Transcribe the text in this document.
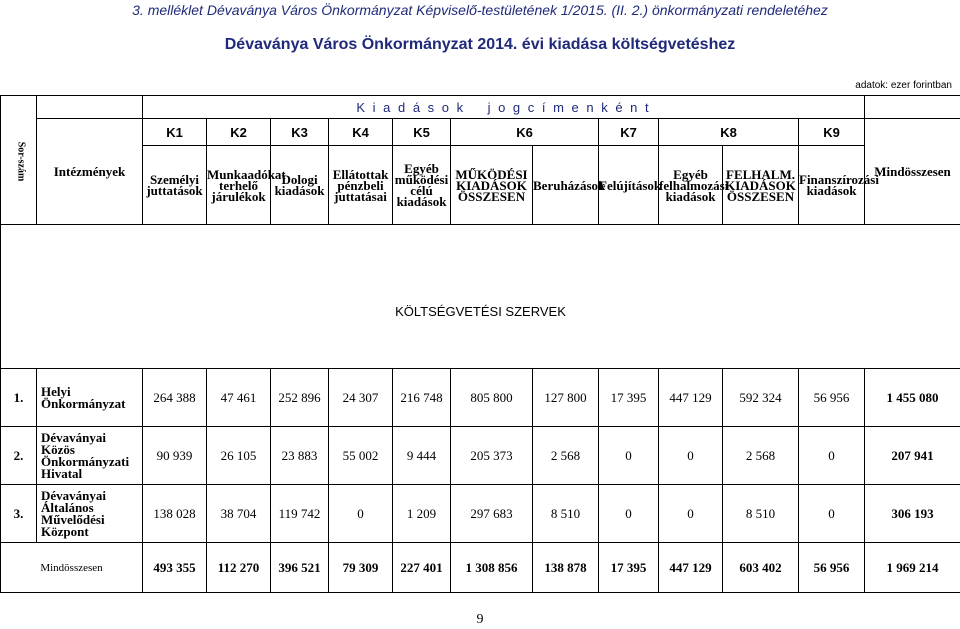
3. melléklet Dévaványa Város Önkormányzat Képviselő-testületének 1/2015. (II. 2.) önkormányzati rendeletéhez
Dévaványa Város Önkormányzat 2014. évi kiadása költségvetéshez
adatok: ezer forintban
Sor-szám		K i a d á s o k j o g c í m e n k é n t											
	Intézmények	K1	K2	K3	K4	K5	K6		K7	K8		K9	Mindösszesen
		Személyi juttatások	Munkaadókat terhelő járulékok	Dologi kiadások	Ellátottak pénzbeli juttatásai	Egyéb működési célú kiadások	MŰKÖDÉSI KIADÁSOK ÖSSZESEN	Beruházások	Felújítások	Egyéb felhalmozási kiadások	FELHALM. KIADÁSOK ÖSSZESEN	Finanszírozási kiadások	
KÖLTSÉGVETÉSI SZERVEK													
1.	Helyi Önkormányzat	264 388	47 461	252 896	24 307	216 748	805 800	127 800	17 395	447 129	592 324	56 956	1 455 080
2.	Dévaványai Közös Önkormányzati Hivatal	90 939	26 105	23 883	55 002	9 444	205 373	2 568	0	0	2 568	0	207 941
3.	Dévaványai Általános Művelődési Központ	138 028	38 704	119 742	0	1 209	297 683	8 510	0	0	8 510	0	306 193
Mindösszesen		493 355	112 270	396 521	79 309	227 401	1 308 856	138 878	17 395	447 129	603 402	56 956	1 969 214
9
